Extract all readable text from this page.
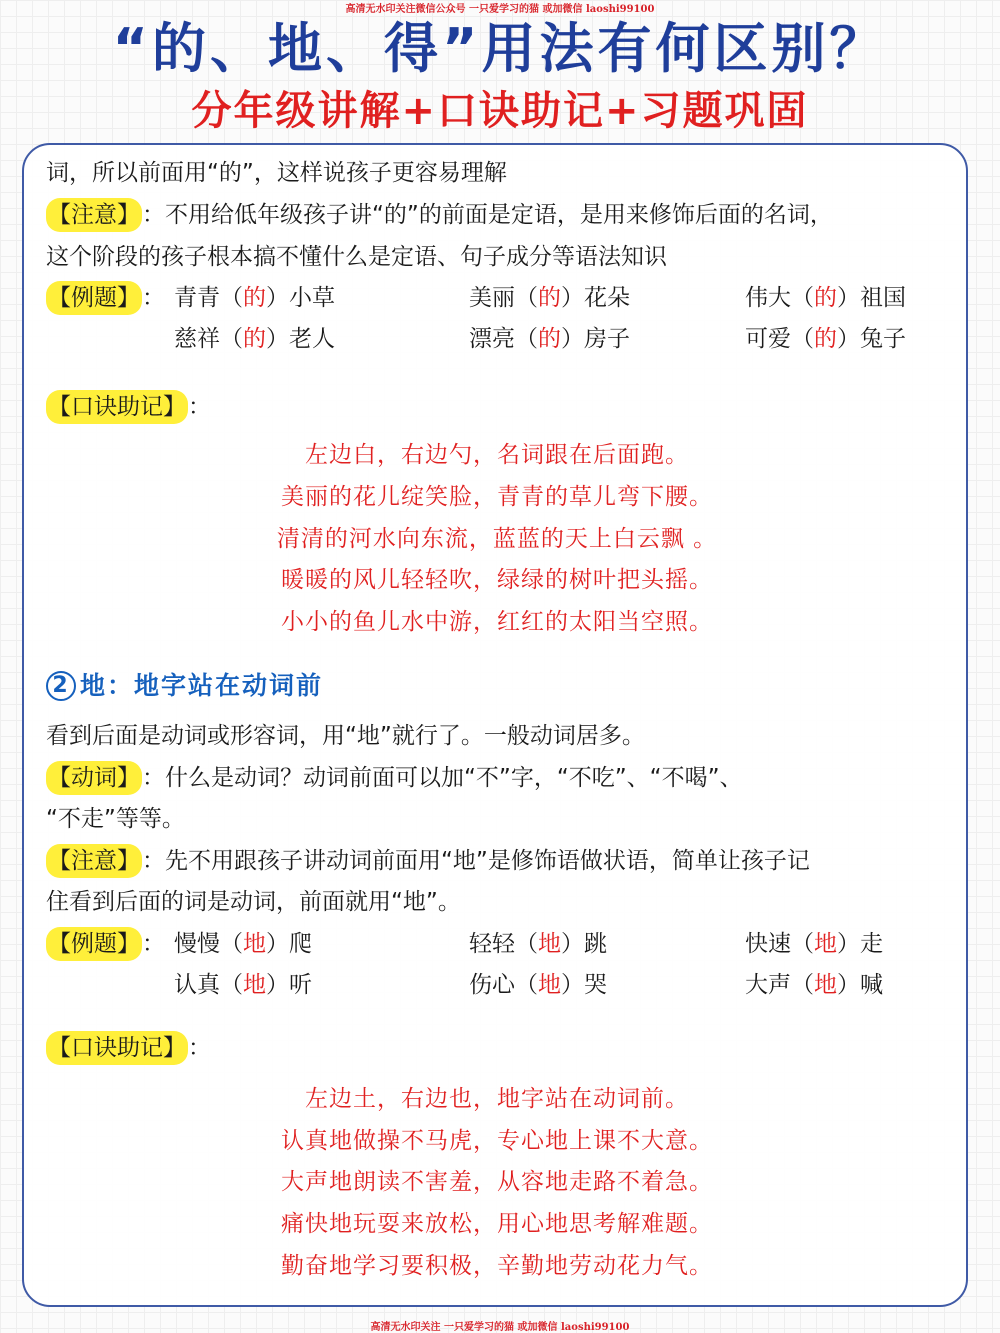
高清无水印关注微信公众号 一只爱学习的猫 或加微信 laoshi99100
“的、地、得”用法有何区别？
分年级讲解+口诀助记+习题巩固
词，所以前面用“的”，这样说孩子更容易理解
【注意】：不用给低年级孩子讲“的”的前面是定语，是用来修饰后面的名词，
这个阶段的孩子根本搞不懂什么是定语、句子成分等语法知识
【例题】： 青青（的）小草	美丽（的）花朵	伟大（的）祖国
慈祥（的）老人	漂亮（的）房子	可爱（的）兔子
【口诀助记】：
左边白，右边勺，名词跟在后面跑。
美丽的花儿绽笑脸，青青的草儿弯下腰。
清清的河水向东流，蓝蓝的天上白云飘 。
暖暖的风儿轻轻吹，绿绿的树叶把头摇。
小小的鱼儿水中游，红红的太阳当空照。
2 地：地字站在动词前
看到后面是动词或形容词，用“地”就行了。一般动词居多。
【动词】：什么是动词？动词前面可以加“不”字，“不吃”、“不喝”、
“不走”等等。
【注意】：先不用跟孩子讲动词前面用“地”是修饰语做状语，简单让孩子记
住看到后面的词是动词，前面就用“地”。
【例题】： 慢慢（地）爬	轻轻（地）跳	快速（地）走
认真（地）听	伤心（地）哭	大声（地）喊
【口诀助记】：
左边土，右边也，地字站在动词前。
认真地做操不马虎，专心地上课不大意。
大声地朗读不害羞，从容地走路不着急。
痛快地玩耍来放松，用心地思考解难题。
勤奋地学习要积极，辛勤地劳动花力气。
高清无水印关注 一只爱学习的猫 或加微信 laoshi99100
